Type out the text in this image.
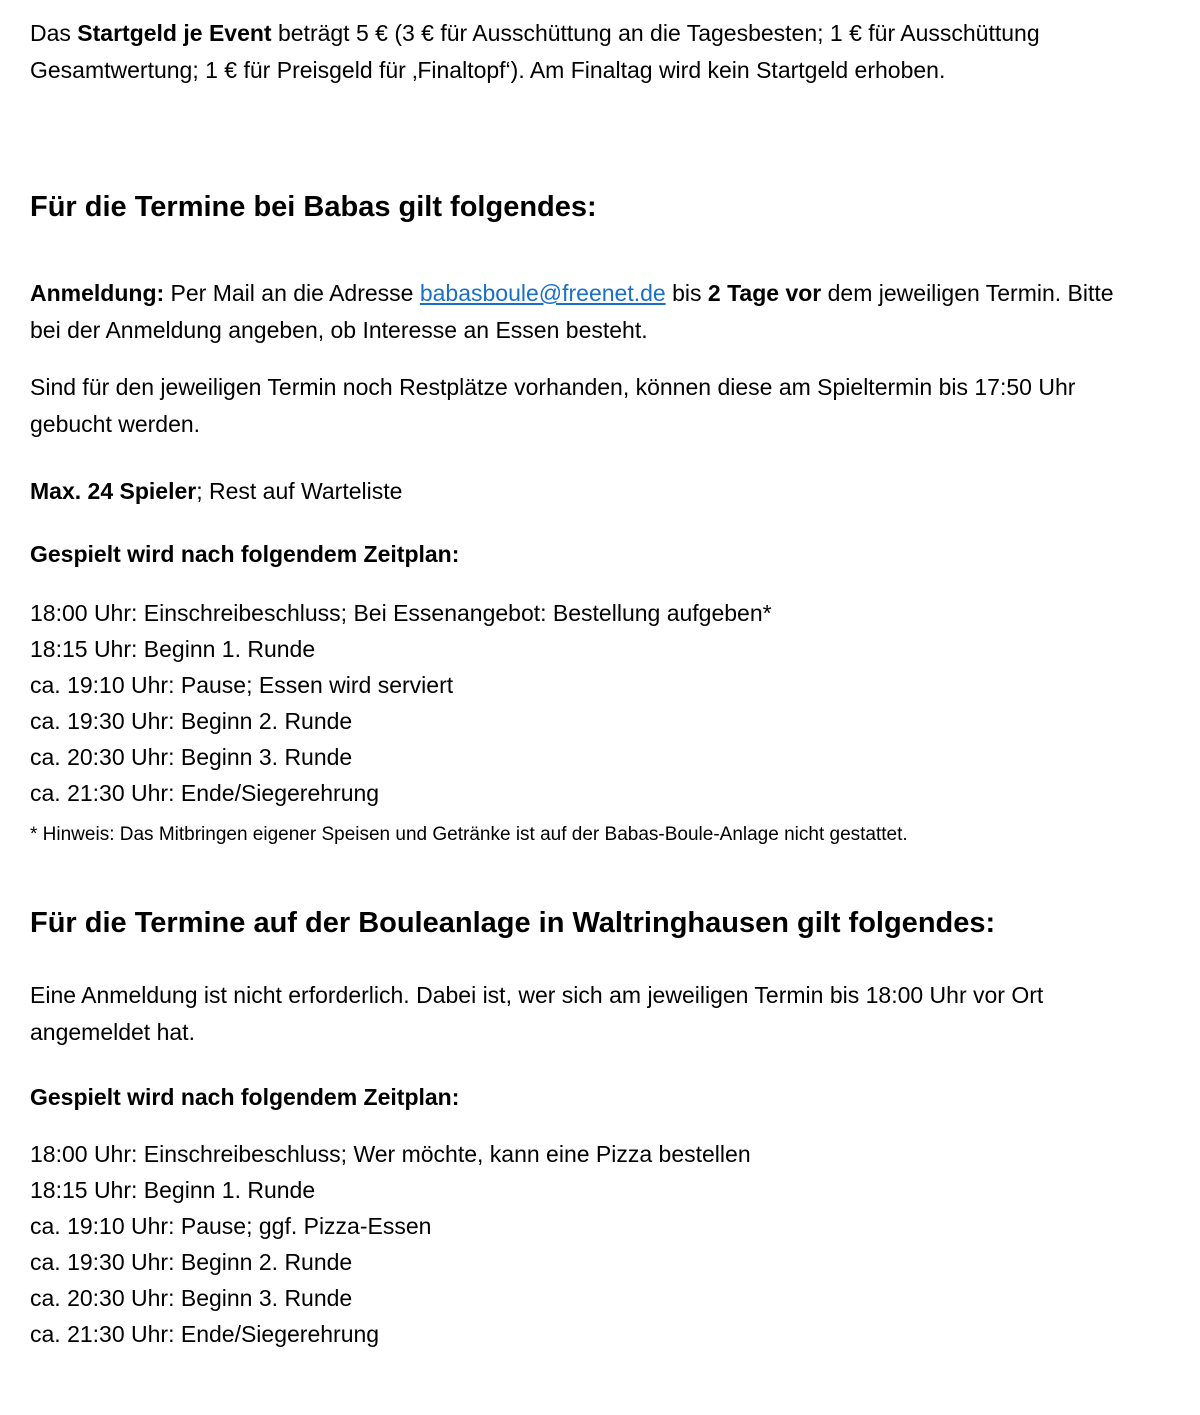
Das Startgeld je Event beträgt 5 € (3 € für Ausschüttung an die Tagesbesten; 1 € für Ausschüttung Gesamtwertung; 1 € für Preisgeld für ‚Finaltopf‘). Am Finaltag wird kein Startgeld erhoben.

Für die Termine bei Babas gilt folgendes:

Anmeldung: Per Mail an die Adresse babasboule@freenet.de bis 2 Tage vor dem jeweiligen Termin. Bitte bei der Anmeldung angeben, ob Interesse an Essen besteht.

Sind für den jeweiligen Termin noch Restplätze vorhanden, können diese am Spieltermin bis 17:50 Uhr gebucht werden.

Max. 24 Spieler; Rest auf Warteliste

Gespielt wird nach folgendem Zeitplan:

18:00 Uhr: Einschreibeschluss; Bei Essenangebot: Bestellung aufgeben*

18:15 Uhr: Beginn 1. Runde

ca. 19:10 Uhr: Pause; Essen wird serviert

ca. 19:30 Uhr: Beginn 2. Runde

ca. 20:30 Uhr: Beginn 3. Runde

ca. 21:30 Uhr: Ende/Siegerehrung

* Hinweis: Das Mitbringen eigener Speisen und Getränke ist auf der Babas-Boule-Anlage nicht gestattet.

Für die Termine auf der Bouleanlage in Waltringhausen gilt folgendes:

Eine Anmeldung ist nicht erforderlich. Dabei ist, wer sich am jeweiligen Termin bis 18:00 Uhr vor Ort angemeldet hat.

Gespielt wird nach folgendem Zeitplan:

18:00 Uhr: Einschreibeschluss; Wer möchte, kann eine Pizza bestellen

18:15 Uhr: Beginn 1. Runde

ca. 19:10 Uhr: Pause; ggf. Pizza-Essen

ca. 19:30 Uhr: Beginn 2. Runde

ca. 20:30 Uhr: Beginn 3. Runde

ca. 21:30 Uhr: Ende/Siegerehrung
